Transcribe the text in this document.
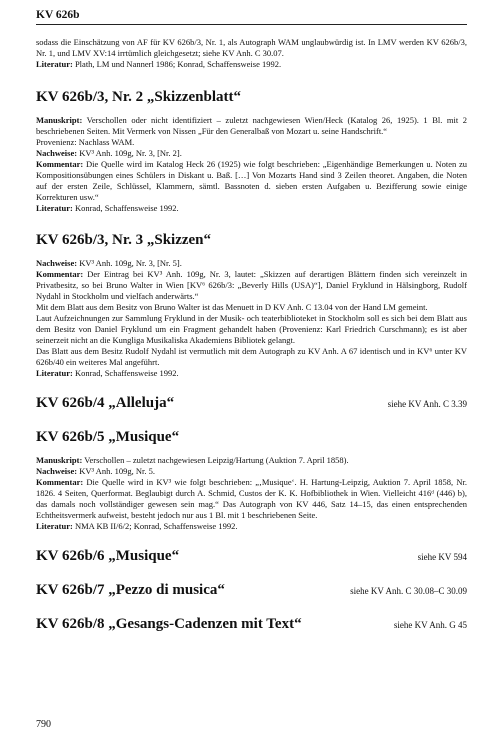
KV 626b

sodass die Einschätzung von AF für KV 626b/3, Nr. 1, als Autograph WAM unglaubwürdig ist. In LMV werden KV 626b/3, Nr. 1, und LMV XV:14 irrtümlich gleichgesetzt; siehe KV Anh. C 30.07.

Literatur: Plath, LM und Nannerl 1986; Konrad, Schaffensweise 1992.

KV 626b/3, Nr. 2 „Skizzenblatt“

Manuskript: Verschollen oder nicht identifiziert – zuletzt nachgewiesen Wien/Heck (Katalog 26, 1925). 1 Bl. mit 2 beschriebenen Seiten. Mit Vermerk von Nissen „Für den Generalbaß von Mozart u. seine Handschrift.“

Provenienz: Nachlass WAM.

Nachweise: KV³ Anh. 109g, Nr. 3, [Nr. 2].

Kommentar: Die Quelle wird im Katalog Heck 26 (1925) wie folgt beschrieben: „Eigenhändige Bemerkungen u. Noten zu Kompositionsübungen eines Schülers in Diskant u. Baß. […] Von Mozarts Hand sind 3 Zeilen theoret. Angaben, die Noten auf der ersten Zeile, Schlüssel, Klammern, sämtl. Bassnoten d. sieben ersten Aufgaben u. Bezifferung sowie einige Korrekturen usw.“

Literatur: Konrad, Schaffensweise 1992.

KV 626b/3, Nr. 3 „Skizzen“

Nachweise: KV³ Anh. 109g, Nr. 3, [Nr. 5].

Kommentar: Der Eintrag bei KV³ Anh. 109g, Nr. 3, lautet: „Skizzen auf derartigen Blättern finden sich vereinzelt in Privatbesitz, so bei Bruno Walter in Wien [KV⁶ 626b/3: „Beverly Hills (USA)“], Daniel Fryklund in Hälsingborg, Rudolf Nydahl in Stockholm und vielfach anderwärts.“

Mit dem Blatt aus dem Besitz von Bruno Walter ist das Menuett in D KV Anh. C 13.04 von der Hand LM gemeint.

Laut Aufzeichnungen zur Sammlung Fryklund in der Musik- och teaterbiblioteket in Stockholm soll es sich bei dem Blatt aus dem Besitz von Daniel Fryklund um ein Fragment gehandelt haben (Provenienz: Karl Friedrich Curschmann); es ist aber seinerzeit nicht an die Kungliga Musikaliska Akademiens Bibliotek gelangt.

Das Blatt aus dem Besitz Rudolf Nydahl ist vermutlich mit dem Autograph zu KV Anh. A 67 identisch und in KV⁶ unter KV 626b/40 ein weiteres Mal angeführt.

Literatur: Konrad, Schaffensweise 1992.

KV 626b/4 „Alleluja“	siehe KV Anh. C 3.39
KV 626b/5 „Musique“

Manuskript: Verschollen – zuletzt nachgewiesen Leipzig/Hartung (Auktion 7. April 1858).

Nachweise: KV³ Anh. 109g, Nr. 5.

Kommentar: Die Quelle wird in KV³ wie folgt beschrieben: „‚Musique‘. H. Hartung-Leipzig, Auktion 7. April 1858, Nr. 1826. 4 Seiten, Querformat. Beglaubigt durch A. Schmid, Custos der K. K. Hofbibliothek in Wien. Vielleicht 416ᵈ (446) b), das damals noch vollständiger gewesen sein mag.“ Das Autograph von KV 446, Satz 14–15, das einen entsprechenden Echtheitsvermerk aufweist, besteht jedoch nur aus 1 Bl. mit 1 beschriebenen Seite.

Literatur: NMA KB II/6/2; Konrad, Schaffensweise 1992.

KV 626b/6 „Musique“	siehe KV 594
KV 626b/7 „Pezzo di musica“	siehe KV Anh. C 30.08–C 30.09
KV 626b/8 „Gesangs-Cadenzen mit Text“	siehe KV Anh. G 45
790
